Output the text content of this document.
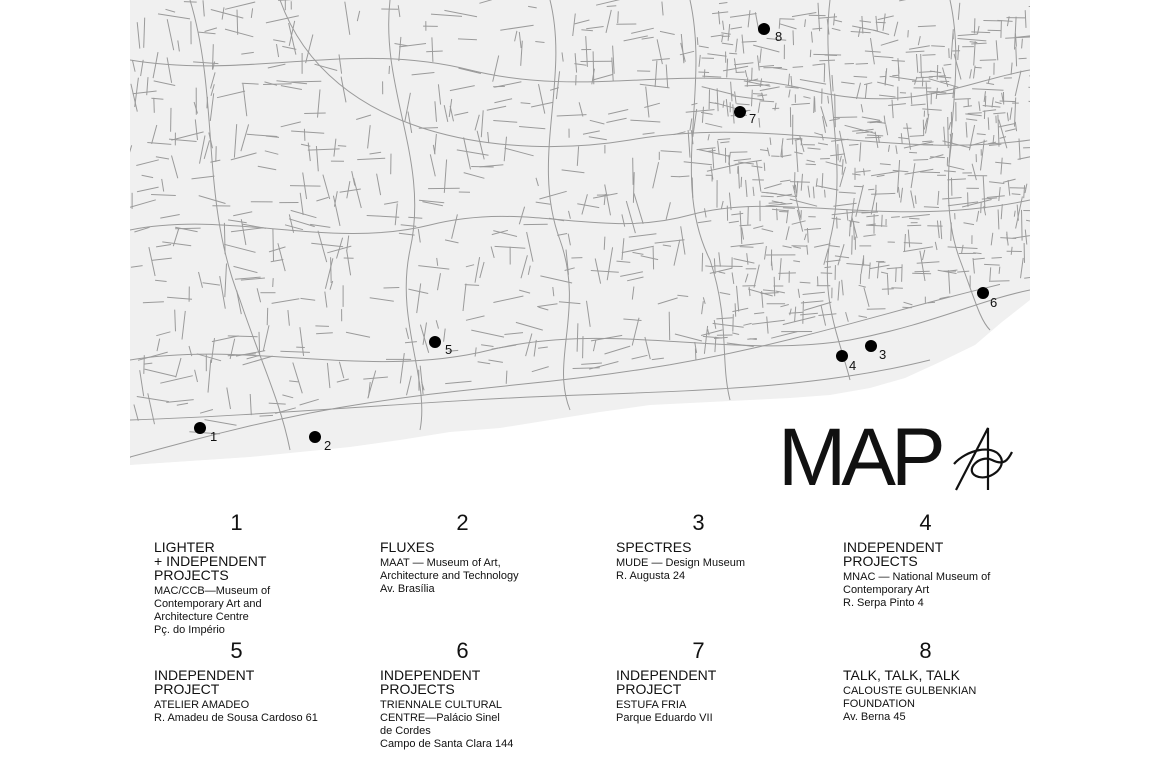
1
2
3
4
5
6
7
8
MAP
1
LIGHTER
+ INDEPENDENT
PROJECTS
MAC/CCB—Museum of
Contemporary Art and
Architecture Centre
Pç. do Império
2
FLUXES
MAAT — Museum of Art,
Architecture and Technology
Av. Brasília
3
SPECTRES
MUDE — Design Museum
R. Augusta 24
4
INDEPENDENT
PROJECTS
MNAC — National Museum of
Contemporary Art
R. Serpa Pinto 4
5
INDEPENDENT
PROJECT
ATELIER AMADEO
R. Amadeu de Sousa Cardoso 61
6
INDEPENDENT
PROJECTS
TRIENNALE CULTURAL
CENTRE—Palácio Sinel
de Cordes
Campo de Santa Clara 144
7
INDEPENDENT
PROJECT
ESTUFA FRIA
Parque Eduardo VII
8
TALK, TALK, TALK
CALOUSTE GULBENKIAN
FOUNDATION
Av. Berna 45
